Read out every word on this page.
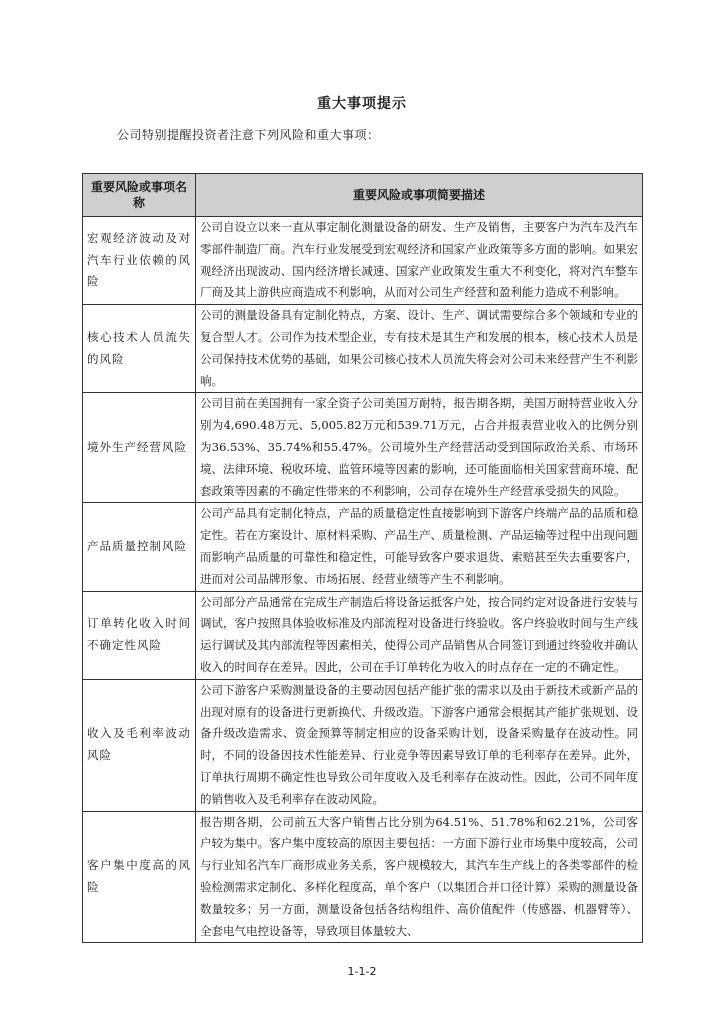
重大事项提示
公司特别提醒投资者注意下列风险和重大事项：
重要风险或事项名称	重要风险或事项简要描述
宏观经济波动及对汽车行业依赖的风险	公司自设立以来一直从事定制化测量设备的研发、生产及销售，主要客户为汽车及汽车零部件制造厂商。汽车行业发展受到宏观经济和国家产业政策等多方面的影响。如果宏观经济出现波动、国内经济增长减速、国家产业政策发生重大不利变化，将对汽车整车厂商及其上游供应商造成不利影响，从而对公司生产经营和盈利能力造成不利影响。
核心技术人员流失的风险	公司的测量设备具有定制化特点，方案、设计、生产、调试需要综合多个领域和专业的复合型人才。公司作为技术型企业，专有技术是其生产和发展的根本，核心技术人员是公司保持技术优势的基础，如果公司核心技术人员流失将会对公司未来经营产生不利影响。
境外生产经营风险	公司目前在美国拥有一家全资子公司美国万耐特，报告期各期，美国万耐特营业收入分别为4,690.48万元、5,005.82万元和539.71万元，占合并报表营业收入的比例分别为36.53%、35.74%和55.47%。公司境外生产经营活动受到国际政治关系、市场环境、法律环境、税收环境、监管环境等因素的影响，还可能面临相关国家营商环境、配套政策等因素的不确定性带来的不利影响，公司存在境外生产经营承受损失的风险。
产品质量控制风险	公司产品具有定制化特点，产品的质量稳定性直接影响到下游客户终端产品的品质和稳定性。若在方案设计、原材料采购、产品生产、质量检测、产品运输等过程中出现问题而影响产品质量的可靠性和稳定性，可能导致客户要求退货、索赔甚至失去重要客户，进而对公司品牌形象、市场拓展、经营业绩等产生不利影响。
订单转化收入时间不确定性风险	公司部分产品通常在完成生产制造后将设备运抵客户处，按合同约定对设备进行安装与调试，客户按照具体验收标准及内部流程对设备进行终验收。客户终验收时间与生产线运行调试及其内部流程等因素相关，使得公司产品销售从合同签订到通过终验收并确认收入的时间存在差异。因此，公司在手订单转化为收入的时点存在一定的不确定性。
收入及毛利率波动风险	公司下游客户采购测量设备的主要动因包括产能扩张的需求以及由于新技术或新产品的出现对原有的设备进行更新换代、升级改造。下游客户通常会根据其产能扩张规划、设备升级改造需求、资金预算等制定相应的设备采购计划，设备采购量存在波动性。同时，不同的设备因技术性能差异、行业竞争等因素导致订单的毛利率存在差异。此外，订单执行周期不确定性也导致公司年度收入及毛利率存在波动性。因此，公司不同年度的销售收入及毛利率存在波动风险。
客户集中度高的风险	报告期各期，公司前五大客户销售占比分别为64.51%、51.78%和62.21%，公司客户较为集中。客户集中度较高的原因主要包括：一方面下游行业市场集中度较高，公司与行业知名汽车厂商形成业务关系，客户规模较大，其汽车生产线上的各类零部件的检验检测需求定制化、多样化程度高，单个客户（以集团合并口径计算）采购的测量设备数量较多；另一方面，测量设备包括各结构组件、高价值配件（传感器、机器臂等）、全套电气电控设备等，导致项目体量较大、
1-1-2
